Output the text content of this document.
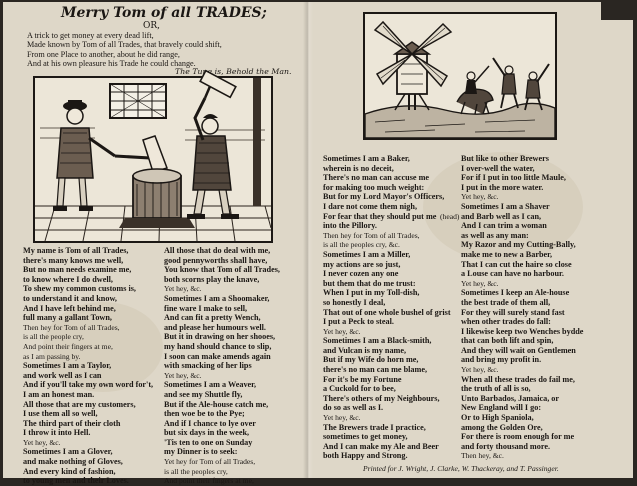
Merry Tom of all TRADES;
OR,
A trick to get money at every dead lift,
Made known by Tom of all Trades, that bravely could shift,
From one Place to another, about he did range,
And at his own pleasure his Trade he could change.
The Tune is, Behold the Man.
My name is Tom of all Trades,
there's many knows me well,
But no man needs examine me,
to know where I do dwell,
To shew my common customs is,
to understand it and know,
And I have left behind me,
full many a gallant Town,
Then hey for Tom of all Trades,
is all the people cry,
And point their fingers at me,
as I am passing by.
Sometimes I am a Taylor,
and work well as I can
And if you'll take my own word for't,
I am an honest man.
All those that are my customers,
I use them all so well,
The third part of their cloth
I throw it into Hell.
Yet hey, &c.
Sometimes I am a Glover,
and make nothing of Gloves,
And every kind of fashion,
to young men and their Loves.
All those that do deal with me,
good pennyworths shall have,
You know that Tom of all Trades,
both scorns play the knave,
Yet hey, &c.
Sometimes I am a Shoomaker,
fine ware I make to sell,
And can fit a pretty Wench,
and please her humours well.
But it in drawing on her shooes,
my hand should chance to slip,
I soon can make amends again
with smacking of her lips
Yet hey, &c.
Sometimes I am a Weaver,
and see my Shuttle fly,
But if the Ale-house catch me,
then woe be to the Pye;
And if I chance to lye over
but six days in the week,
'Tis ten to one on Sunday
my Dinner is to seek:
Yet hey for Tom of all Trades,
is all the peoples cry,
And point their fingers at me,
Sometimes I am a Baker,
wherein is no deceit,
There's no man can accuse me
for making too much weight:
But for my Lord Mayor's Officers,
I dare not come them nigh,
For fear that they should put me
into the Pillory.
Then hey for Tom of all Trades,
is all the peoples cry, &c.
Sometimes I am a Miller,
my actions are so just,
I never cozen any one
but them that do me trust:
When I put in my Toll-dish,
so honestly I deal,
That out of one whole bushel of grist
I put a Peck to steal.
Yet hey, &c.
Sometimes I am a Black-smith,
and Vulcan is my name,
But if my Wife do horn me,
there's no man can me blame,
For it's be my Fortune
a Cuckold for to bee,
There's others of my Neighbours,
do so as well as I.
Yet hey, &c.
The Brewers trade I practice,
sometimes to get money,
And I can make my Ale and Beer
both Happy and Strong.
But like to other Brewers
I over-well the water,
For if I put in too little Maule,
I put in the more water.
Yet hey, &c.
Sometimes I am a Shaver
and Barb well as I can,
And I can trim a woman
as well as any man:
My Razor and my Cutting-Bally,
make me to new a Barber,
That I can cut the haire so close
a Louse can have no harbour.
Yet hey, &c.
Sometimes I keep an Ale-house
the best trade of them all,
For they will surely stand fast
when other trades do fall:
I likewise keep two Wenches bydde
that can both lift and spin,
And they will wait on Gentlemen
and bring my profit in.
Yet hey, &c.
When all these trades do fail me,
the truth of all is so,
Unto Barbados, Jamaica, or
New England will I go:
Or to High Spaniola,
among the Golden Ore,
For there is room enough for me
and forty thousand more.
Then hey, &c.
(head)
Printed for J. Wright, J. Clarke, W. Thackeray, and T. Passinger.
